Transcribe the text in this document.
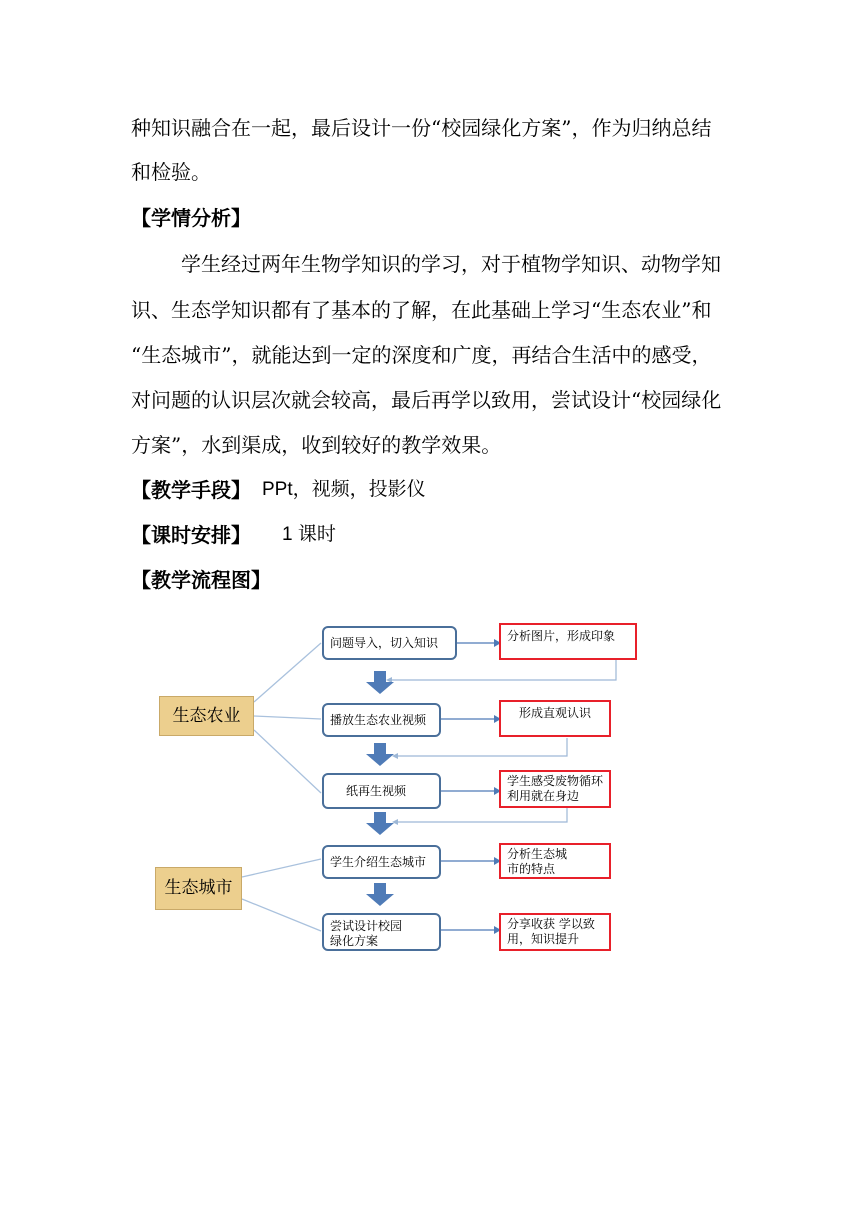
种知识融合在一起，最后设计一份“校园绿化方案”，作为归纳总结
和检验。
【学情分析】
学生经过两年生物学知识的学习，对于植物学知识、动物学知
识、生态学知识都有了基本的了解，在此基础上学习“生态农业”和
“生态城市”，就能达到一定的深度和广度，再结合生活中的感受，
对问题的认识层次就会较高，最后再学以致用，尝试设计“校园绿化
方案”，水到渠成，收到较好的教学效果。
【教学手段】 PPt，视频，投影仪
【课时安排】 1 课时
【教学流程图】
生态农业
生态城市
问题导入，切入知识
播放生态农业视频
纸再生视频
学生介绍生态城市
尝试设计校园绿化方案
分析图片，形成印象
形成直观认识
学生感受废物循环利用就在身边
分析生态城市的特点
分享收获 学以致用，知识提升
